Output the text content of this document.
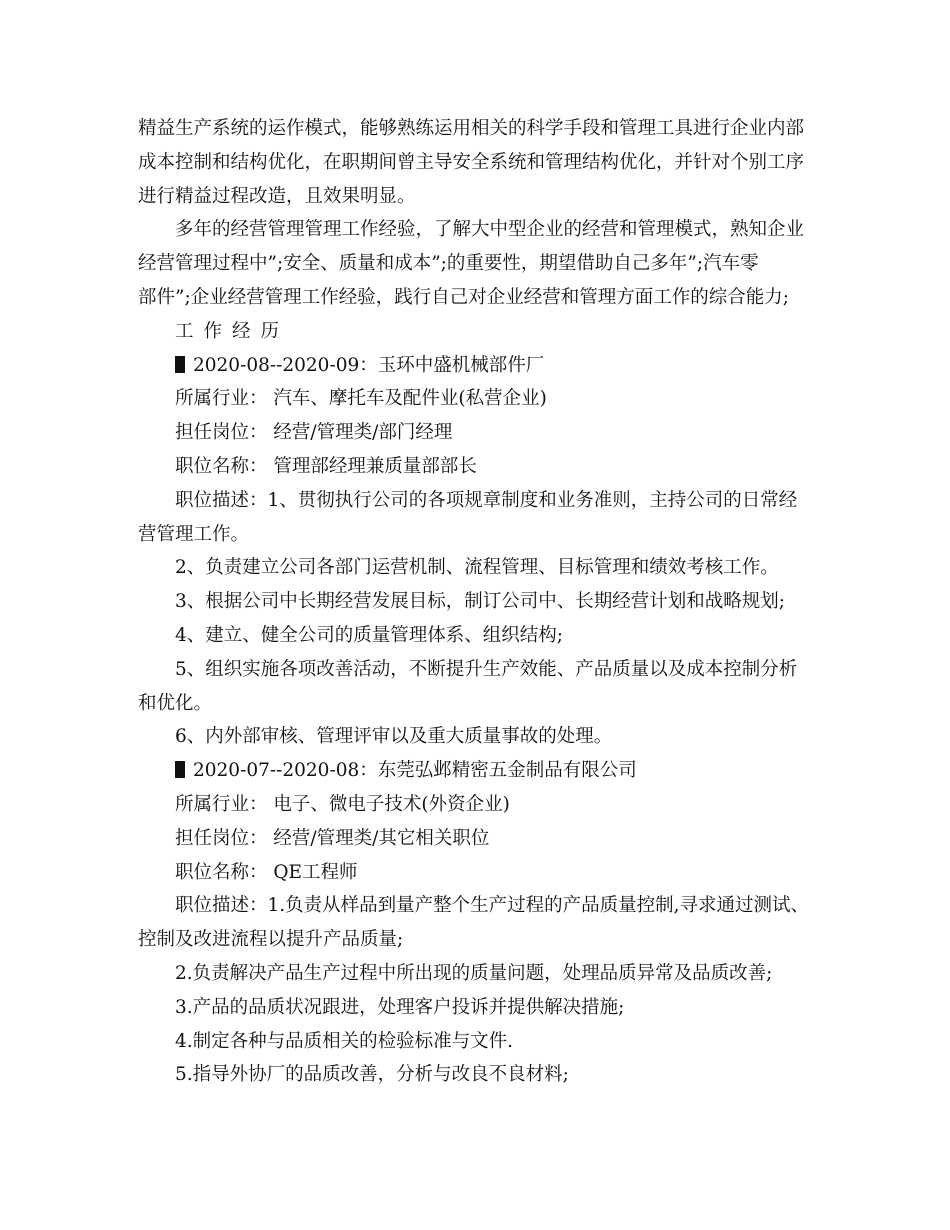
精益生产系统的运作模式，能够熟练运用相关的科学手段和管理工具进行企业内部
成本控制和结构优化，在职期间曾主导安全系统和管理结构优化，并针对个别工序
进行精益过程改造，且效果明显。
多年的经营管理管理工作经验，了解大中型企业的经营和管理模式，熟知企业
经营管理过程中”;安全、质量和成本”;的重要性，期望借助自己多年”;汽车零
部件”;企业经营管理工作经验，践行自己对企业经营和管理方面工作的综合能力;
工作经历
2020-08--2020-09：玉环中盛机械部件厂
所属行业： 汽车、摩托车及配件业(私营企业)
担任岗位： 经营/管理类/部门经理
职位名称： 管理部经理兼质量部部长
职位描述：1、贯彻执行公司的各项规章制度和业务准则，主持公司的日常经
营管理工作。
2、负责建立公司各部门运营机制、流程管理、目标管理和绩效考核工作。
3、根据公司中长期经营发展目标，制订公司中、长期经营计划和战略规划;
4、建立、健全公司的质量管理体系、组织结构;
5、组织实施各项改善活动，不断提升生产效能、产品质量以及成本控制分析
和优化。
6、内外部审核、管理评审以及重大质量事故的处理。
2020-07--2020-08：东莞弘邺精密五金制品有限公司
所属行业： 电子、微电子技术(外资企业)
担任岗位： 经营/管理类/其它相关职位
职位名称： QE工程师
职位描述：1.负责从样品到量产整个生产过程的产品质量控制,寻求通过测试、
控制及改进流程以提升产品质量;
2.负责解决产品生产过程中所出现的质量问题，处理品质异常及品质改善;
3.产品的品质状况跟进，处理客户投诉并提供解决措施;
4.制定各种与品质相关的检验标准与文件.
5.指导外协厂的品质改善，分析与改良不良材料;
